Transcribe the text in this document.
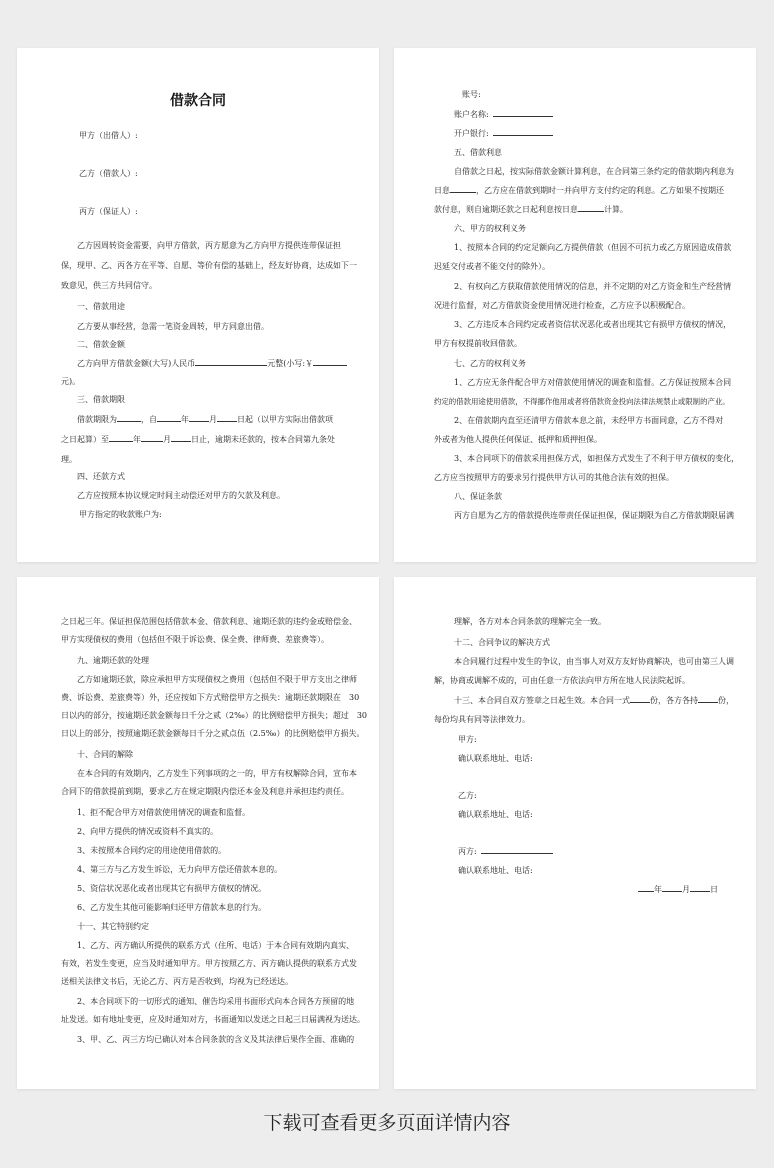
借款合同
甲方（出借人）:
乙方（借款人）:
丙方（保证人）:
乙方因周转资金需要，向甲方借款，丙方愿意为乙方向甲方提供连带保证担
保，现甲、乙、丙各方在平等、自愿、等价有偿的基础上，经友好协商，达成如下一
致意见，供三方共同信守。
一、借款用途
乙方要从事经营，急需一笔资金周转，甲方同意出借。
二、借款金额
乙方向甲方借款金额(大写)人民币	元整(小写:￥
元)。
三、借款期限
借款期限为	，自	年	月	日起（以甲方实际出借款项
之日起算）至	年	月	日止，逾期未还款的，按本合同第九条处
理。
四、还款方式
乙方应按照本协议规定时间主动偿还对甲方的欠款及利息。
甲方指定的收款账户为:
账号:
账户名称:
开户银行:
五、借款利息
自借款之日起，按实际借款金额计算利息，在合同第三条约定的借款期内利息为
日息	，乙方应在借款到期时一并向甲方支付约定的利息。乙方如果不按期还
款付息，则自逾期还款之日起利息按日息	计算。
六、甲方的权利义务
1、按照本合同的约定足额向乙方提供借款（但因不可抗力或乙方原因造成借款
迟延交付或者不能交付的除外）。
2、有权向乙方获取借款使用情况的信息，并不定期的对乙方资金和生产经营情
况进行监督，对乙方借款资金使用情况进行检查，乙方应予以积极配合。
3、乙方违反本合同约定或者资信状况恶化或者出现其它有损甲方债权的情况，
甲方有权提前收回借款。
七、乙方的权利义务
1、乙方应无条件配合甲方对借款使用情况的调查和监督。乙方保证按照本合同
约定的借款用途使用借款，不得挪作他用或者将借款资金投向法律法规禁止或限制的产业。
2、在借款期内直至还清甲方借款本息之前，未经甲方书面同意，乙方不得对
外或者为他人提供任何保证、抵押和质押担保。
3、本合同项下的借款采用担保方式，如担保方式发生了不利于甲方债权的变化，
乙方应当按照甲方的要求另行提供甲方认可的其他合法有效的担保。
八、保证条款
丙方自愿为乙方的借款提供连带责任保证担保，保证期限为自乙方借款期限届满
之日起三年。保证担保范围包括借款本金、借款利息、逾期还款的违约金或赔偿金、
甲方实现债权的费用（包括但不限于诉讼费、保全费、律师费、差旅费等）。
九、逾期还款的处理
乙方如逾期还款，除应承担甲方实现债权之费用（包括但不限于甲方支出之律师
费、诉讼费、差旅费等）外，还应按如下方式赔偿甲方之损失：逾期还款期限在　30
日以内的部分，按逾期还款金额每日千分之贰（2‰）的比例赔偿甲方损失；超过　30
日以上的部分，按照逾期还款金额每日千分之贰点伍（2.5‰）的比例赔偿甲方损失。
十、合同的解除
在本合同的有效期内，乙方发生下列事项的之一的，甲方有权解除合同，宣布本
合同下的借款提前到期，要求乙方在规定期限内偿还本金及利息并承担违约责任。
1、拒不配合甲方对借款使用情况的调查和监督。
2、向甲方提供的情况或资料不真实的。
3、未按照本合同约定的用途使用借款的。
4、第三方与乙方发生诉讼，无力向甲方偿还借款本息的。
5、资信状况恶化或者出现其它有损甲方债权的情况。
6、乙方发生其他可能影响归还甲方借款本息的行为。
十一、其它特别约定
1、乙方、丙方确认所提供的联系方式（住所、电话）于本合同有效期内真实、
有效，若发生变更，应当及时通知甲方。甲方按照乙方、丙方确认提供的联系方式发
送相关法律文书后，无论乙方、丙方是否收到，均视为已经送达。
2、本合同项下的一切形式的通知、催告均采用书面形式向本合同各方预留的地
址发送。如有地址变更，应及时通知对方，书面通知以发送之日起三日届满视为送达。
3、甲、乙、丙三方均已确认对本合同条款的含义及其法律后果作全面、准确的
理解，各方对本合同条款的理解完全一致。
十二、合同争议的解决方式
本合同履行过程中发生的争议，由当事人对双方友好协商解决，也可由第三人调
解，协商或调解不成的，可由任意一方依法向甲方所在地人民法院起诉。
十三、本合同自双方签章之日起生效。本合同一式	份，各方各持	份，
每份均具有同等法律效力。
甲方:
确认联系地址、电话:
乙方:
确认联系地址、电话:
丙方:
确认联系地址、电话:
年	月	日
下载可查看更多页面详情内容
